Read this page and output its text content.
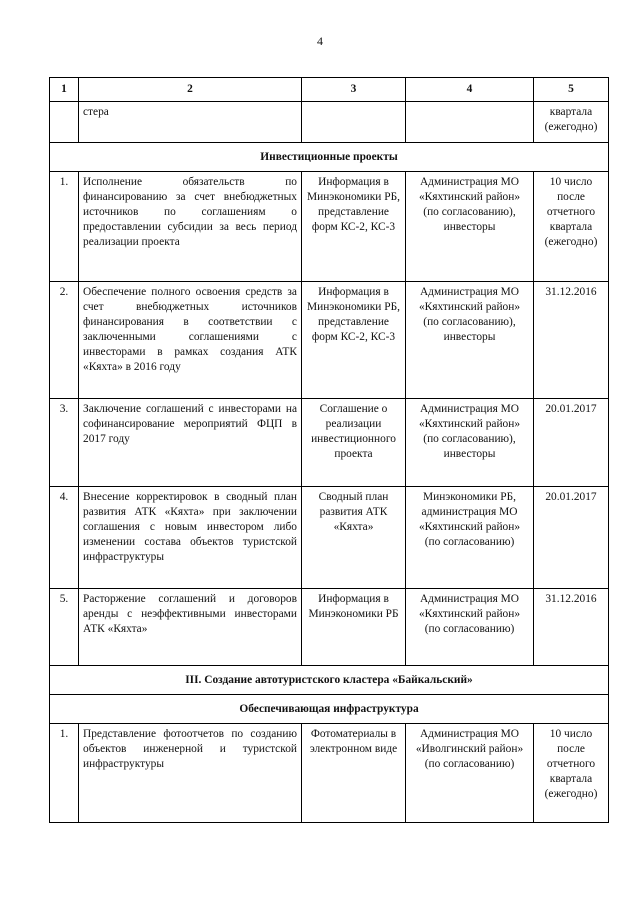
4
1	2	3	4	5
	стера			квартала
(ежегодно)
Инвестиционные проекты				
1.	Исполнение обязательств по финансированию за счет внебюджетных источников по соглашениям о предоставлении субсидии за весь период реализации проекта	Информация в Минэкономики РБ, представление форм КС-2, КС-3	Администрация МО «Кяхтинский район» (по согласованию), инвесторы	10 число после отчетного квартала (ежегодно)
2.	Обеспечение полного освоения средств за счет внебюджетных источников финансирования в соответствии с заключенными соглашениями с инвесторами в рамках создания АТК «Кяхта» в 2016 году	Информация в Минэкономики РБ, представление форм КС-2, КС-3	Администрация МО «Кяхтинский район» (по согласованию), инвесторы	31.12.2016
3.	Заключение соглашений с инвесторами на софинансирование мероприятий ФЦП в 2017 году	Соглашение о реализации инвестиционного проекта	Администрация МО «Кяхтинский район» (по согласованию), инвесторы	20.01.2017
4.	Внесение корректировок в сводный план развития АТК «Кяхта» при заключении соглашения с новым инвестором либо изменении состава объектов туристской инфраструктуры	Сводный план развития АТК «Кяхта»	Минэкономики РБ, администрация МО «Кяхтинский район» (по согласованию)	20.01.2017
5.	Расторжение соглашений и договоров аренды с неэффективными инвесторами АТК «Кяхта»	Информация в Минэкономики РБ	Администрация МО «Кяхтинский район» (по согласованию)	31.12.2016
III. Создание автотуристского кластера «Байкальский»				
Обеспечивающая инфраструктура				
1.	Представление фотоотчетов по созданию объектов инженерной и туристской инфраструктуры	Фотоматериалы в электронном виде	Администрация МО «Иволгинский район» (по согласованию)	10 число после отчетного квартала (ежегодно)
